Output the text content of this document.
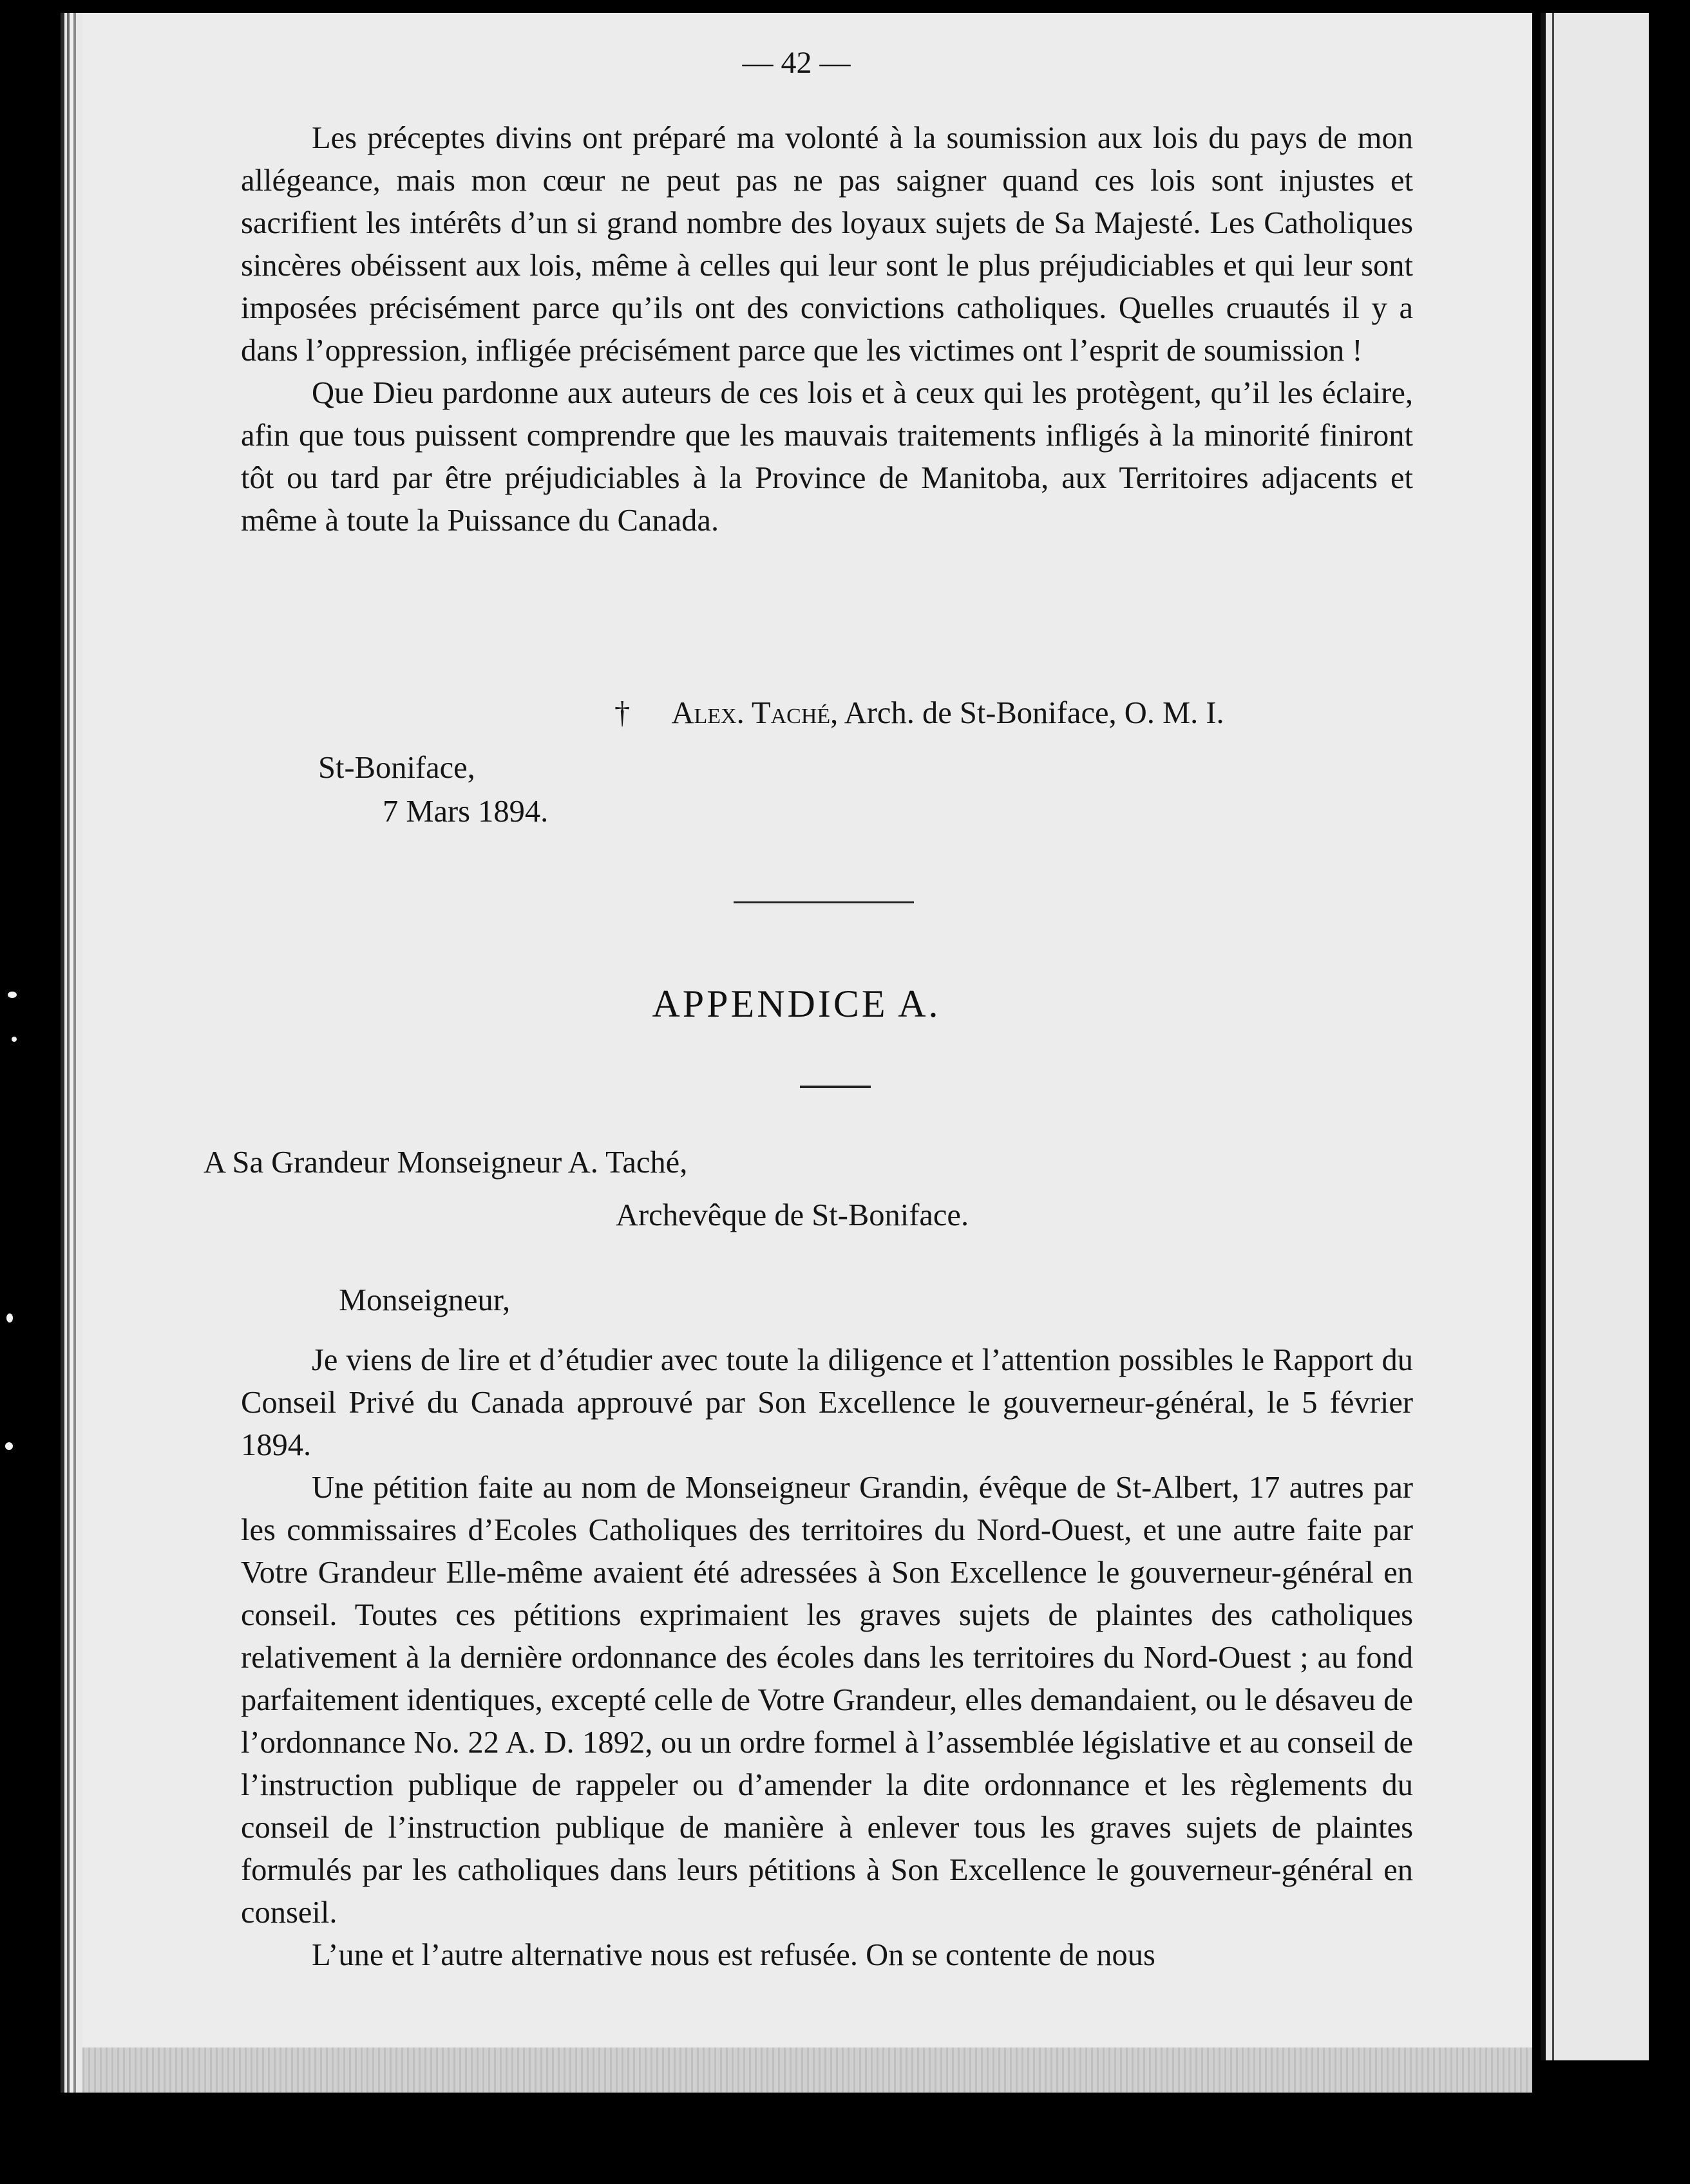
— 42 —

Les préceptes divins ont préparé ma volonté à la soumission aux lois du pays de mon allégeance, mais mon cœur ne peut pas ne pas saigner quand ces lois sont injustes et sacrifient les intérêts d’un si grand nombre des loyaux sujets de Sa Majesté. Les Catholiques sincères obéissent aux lois, même à celles qui leur sont le plus préjudiciables et qui leur sont imposées précisément parce qu’ils ont des convictions catholiques. Quelles cruautés il y a dans l’oppression, infligée précisément parce que les victimes ont l’esprit de soumission !

Que Dieu pardonne aux auteurs de ces lois et à ceux qui les protègent, qu’il les éclaire, afin que tous puissent comprendre que les mauvais traitements infligés à la minorité finiront tôt ou tard par être préjudiciables à la Province de Manitoba, aux Territoires adjacents et même à toute la Puissance du Canada.

† Alex. Taché, Arch. de St-Boniface, O. M. I.
St-Boniface,
7 Mars 1894.
APPENDICE A.
A Sa Grandeur Monseigneur A. Taché,
Archevêque de St-Boniface.
Monseigneur,

Je viens de lire et d’étudier avec toute la diligence et l’attention possibles le Rapport du Conseil Privé du Canada approuvé par Son Excellence le gouverneur-général, le 5 février 1894.

Une pétition faite au nom de Monseigneur Grandin, évêque de St-Albert, 17 autres par les commissaires d’Ecoles Catholiques des territoires du Nord-Ouest, et une autre faite par Votre Grandeur Elle-même avaient été adressées à Son Excellence le gouverneur-général en conseil. Toutes ces pétitions exprimaient les graves sujets de plaintes des catholiques relativement à la dernière ordonnance des écoles dans les territoires du Nord-Ouest ; au fond parfaitement identiques, excepté celle de Votre Grandeur, elles demandaient, ou le désaveu de l’ordonnance No. 22 A. D. 1892, ou un ordre formel à l’assemblée législative et au conseil de l’instruction publique de rappeler ou d’amender la dite ordonnance et les règlements du conseil de l’instruction publique de manière à enlever tous les graves sujets de plaintes formulés par les catholiques dans leurs pétitions à Son Excellence le gouverneur-général en conseil.

L’une et l’autre alternative nous est refusée. On se contente de nous
